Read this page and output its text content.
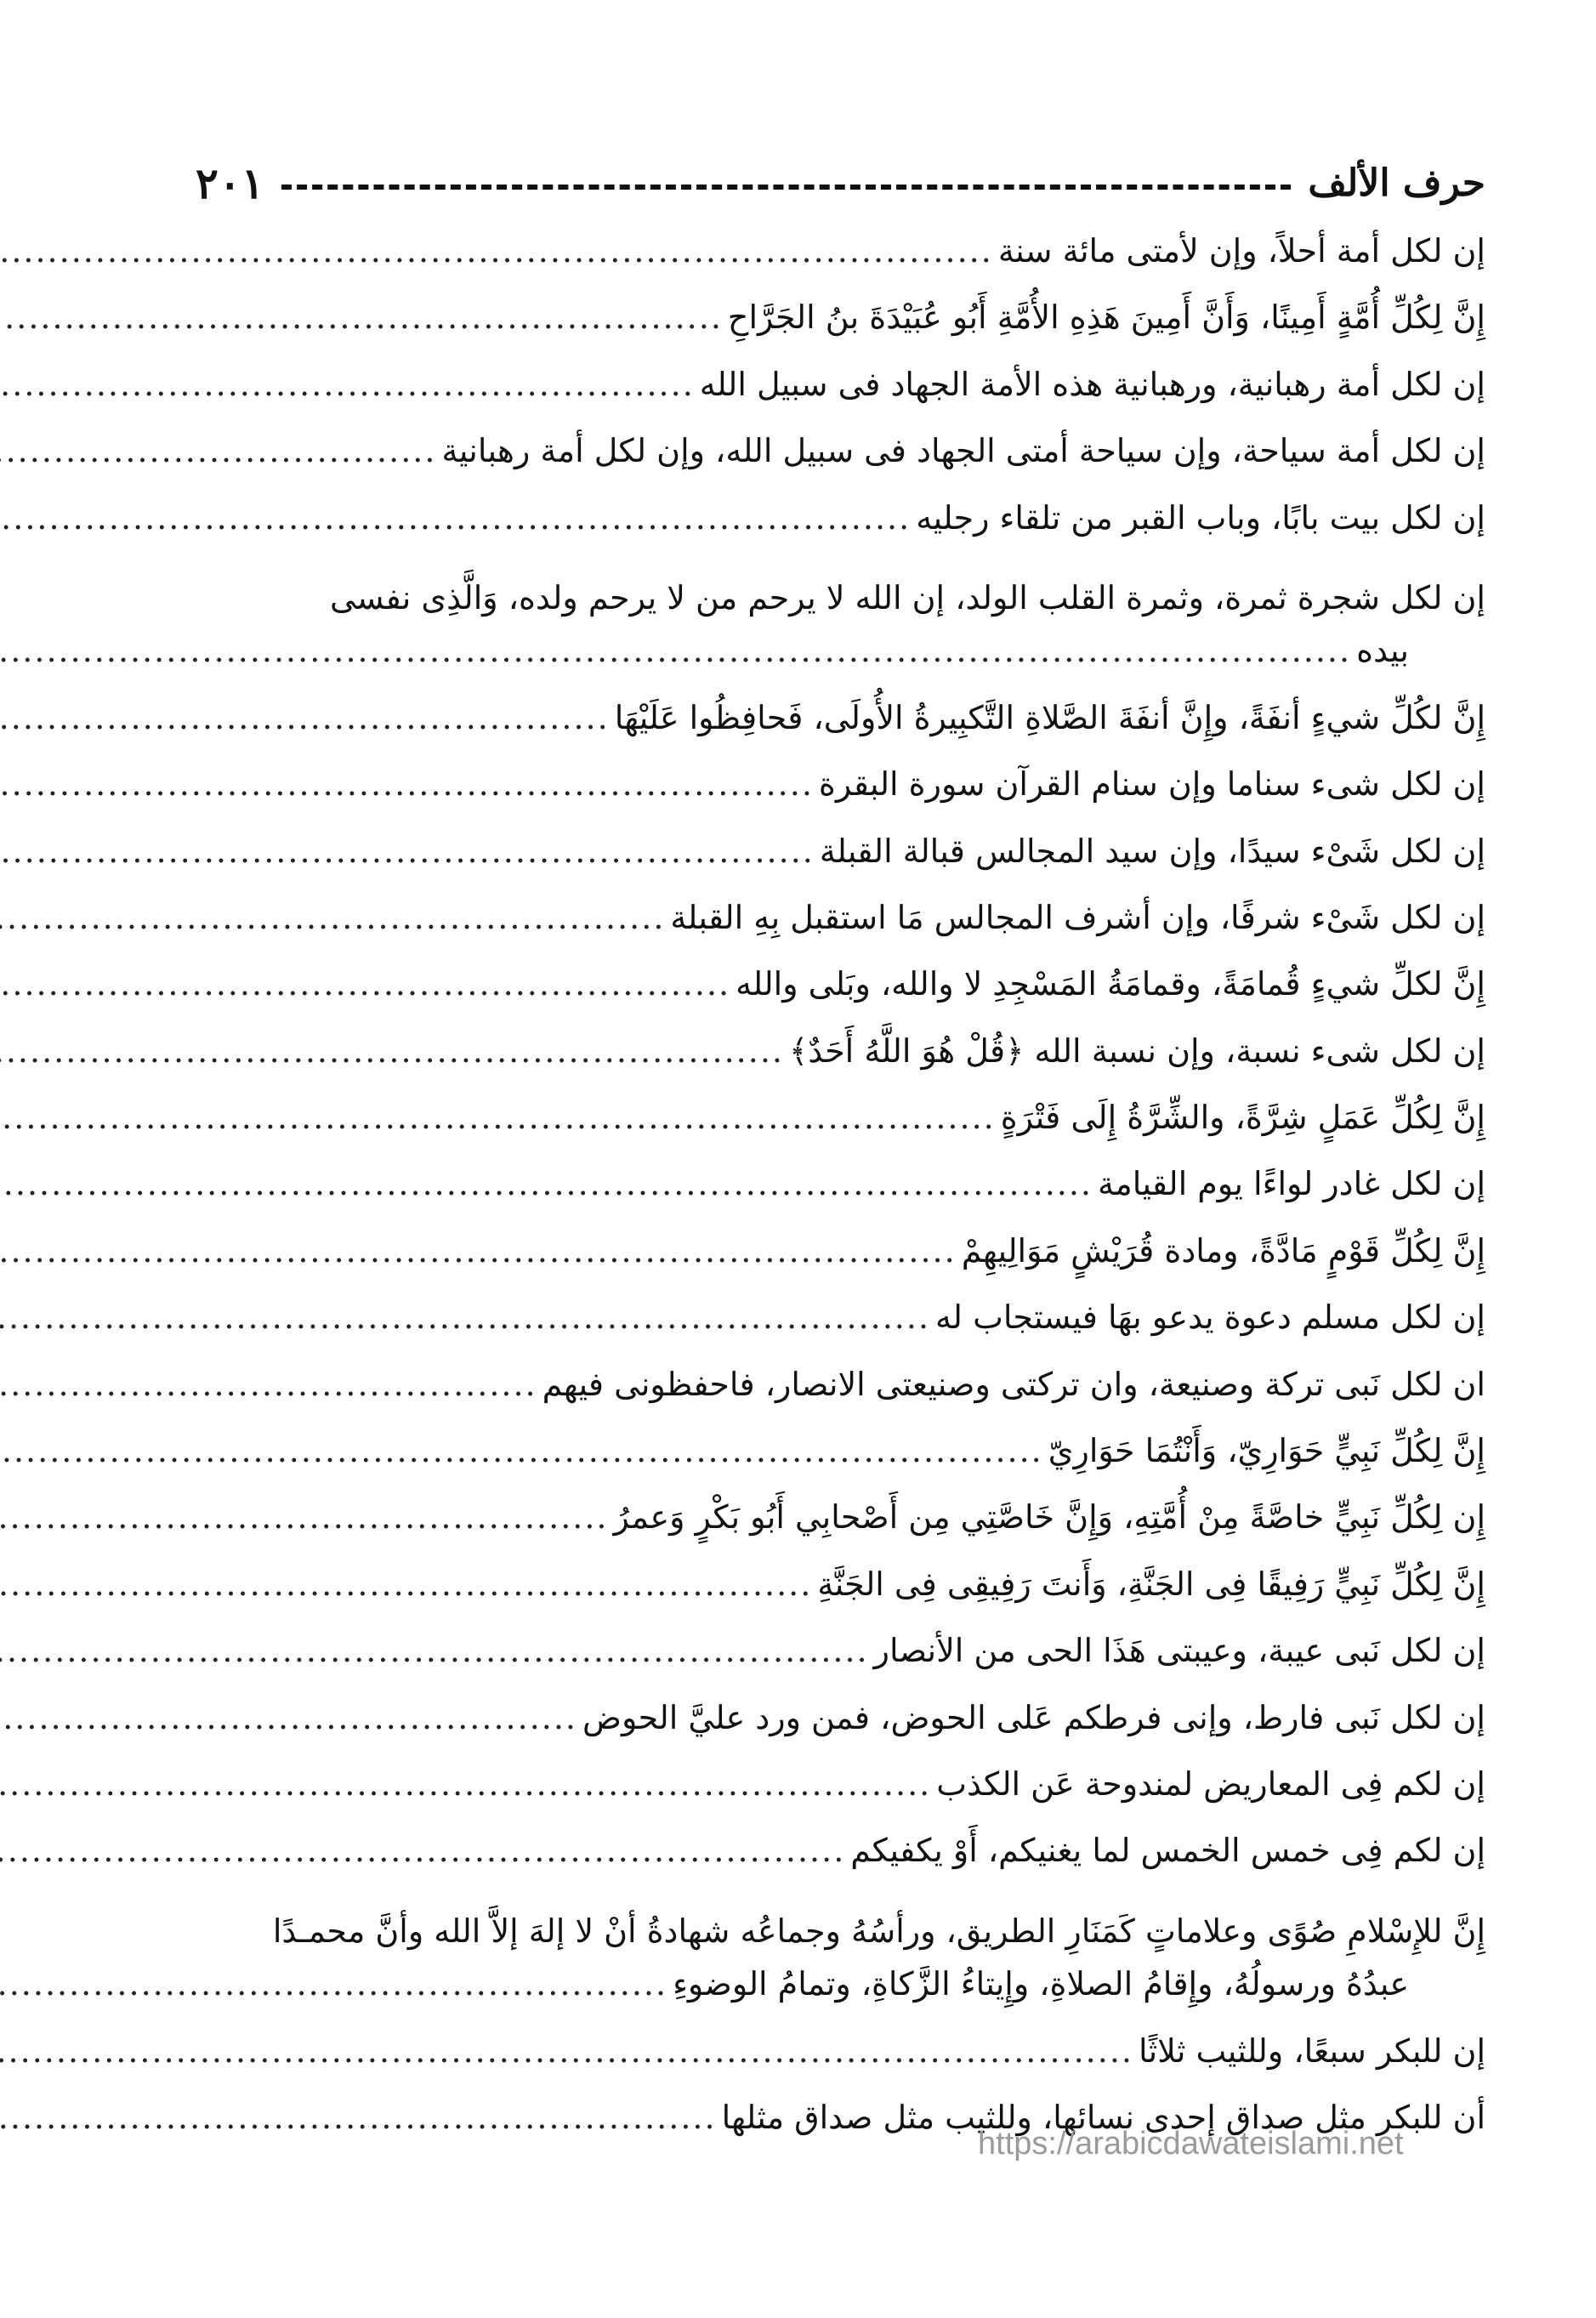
حرف الألف
٢٠١
إن لكل أمة أحلاً، وإن لأمتى مائة سنة
.....
إِنَّ لِكُلِّ أُمَّةٍ أَمِينًا، وَأَنَّ أَمِينَ هَذِهِ الأُمَّةِ أَبُو عُبَيْدَةَ بنُ الجَرَّاحِ
.....
إن لكل أمة رهبانية، ورهبانية هذه الأمة الجهاد فى سبيل الله
.....
إن لكل أمة سياحة، وإن سياحة أمتى الجهاد فى سبيل الله، وإن لكل أمة رهبانية
.....
إن لكل بيت بابًا، وباب القبر من تلقاء رجليه
.....
إن لكل شجرة ثمرة، وثمرة القلب الولد، إن الله لا يرحم من لا يرحم ولده، وَالَّذِى نفسى
بيده
.....
إِنَّ لكُلِّ شيءٍ أنفَةً، وإِنَّ أنفَةَ الصَّلاةِ التَّكبِيرةُ الأُولَى، فَحافِظُوا عَلَيْهَا
.....
إن لكل شىء سناما وإن سنام القرآن سورة البقرة
.....
إن لكل شَىْء سيدًا، وإن سيد المجالس قبالة القبلة
.....
إن لكل شَىْء شرفًا، وإن أشرف المجالس مَا استقبل بِهِ القبلة
.....
إِنَّ لكلِّ شيءٍ قُمامَةً، وقمامَةُ المَسْجِدِ لا والله، وبَلى والله
.....
إن لكل شىء نسبة، وإن نسبة الله ﴿قُلْ هُوَ اللَّهُ أَحَدٌ﴾
.....
إِنَّ لِكُلِّ عَمَلٍ شِرَّةً، والشِّرَّةُ إِلَى فَتْرَةٍ
.....
إن لكل غادر لواءًا يوم القيامة
.....
إِنَّ لِكُلِّ قَوْمٍ مَادَّةً، ومادة قُرَيْشٍ مَوَالِيهِمْ
.....
إن لكل مسلم دعوة يدعو بهَا فيستجاب له
.....
ان لكل نَبى تركة وصنيعة، وان تركتى وصنيعتى الانصار، فاحفظونى فيهم
.....
إِنَّ لِكُلِّ نَبِيٍّ حَوَارِيّ، وَأَنْتُمَا حَوَارِيّ
.....
إِن لِكُلِّ نَبِيٍّ خاصَّةً مِنْ أُمَّتِهِ، وَإِنَّ خَاصَّتِي مِن أَصْحابِي أَبُو بَكْرٍ وَعمرُ
.....
إِنَّ لِكُلِّ نَبِيٍّ رَفِيقًا فِى الجَنَّةِ، وَأَنتَ رَفِيقِى فِى الجَنَّةِ
.....
إن لكل نَبى عيبة، وعيبتى هَذَا الحى من الأنصار
.....
إن لكل نَبى فارط، وإنى فرطكم عَلى الحوض، فمن ورد عليَّ الحوض
.....
إن لكم فِى المعاريض لمندوحة عَن الكذب
.....
إن لكم فِى خمس الخمس لما يغنيكم، أَوْ يكفيكم
.....
إِنَّ للإِسْلامِ صُوًى وعلاماتٍ كَمَنَارِ الطريق، ورأسُهُ وجماعُه شهادةُ أنْ لا إلهَ إلاَّ الله وأنَّ محمـدًا
عبدُهُ ورسولُهُ، وإِقامُ الصلاةِ، وإِيتاءُ الزَّكاةِ، وتمامُ الوضوءِ
.....
إن للبكر سبعًا، وللثيب ثلاثًا
.....
أن للبكر مثل صداق إحدى نسائها، وللثيب مثل صداق مثلها
.....
https://arabicdawateislami.net
